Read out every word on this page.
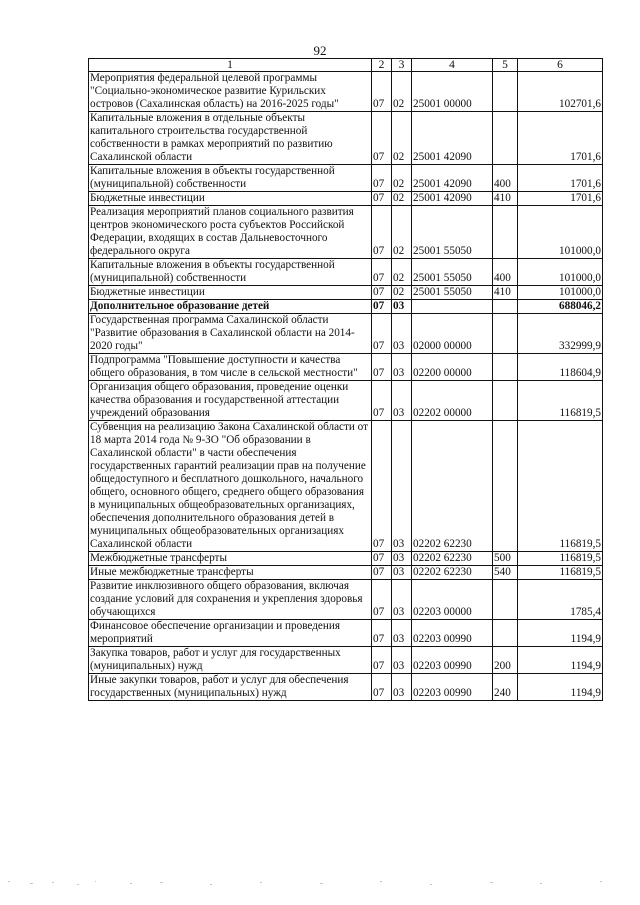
92
1	2	3	4	5	6
Мероприятия федеральной целевой программы "Социально-экономическое развитие Курильских островов (Сахалинская область) на 2016-2025 годы"	07	02	25001 00000		102701,6
Капитальные вложения в отдельные объекты капитального строительства государственной собственности в рамках мероприятий по развитию Сахалинской области	07	02	25001 42090		1701,6
Капитальные вложения в объекты государственной (муниципальной) собственности	07	02	25001 42090	400	1701,6
Бюджетные инвестиции	07	02	25001 42090	410	1701,6
Реализация мероприятий планов социального развития центров экономического роста субъектов Российской Федерации, входящих в состав Дальневосточного федерального округа	07	02	25001 55050		101000,0
Капитальные вложения в объекты государственной (муниципальной) собственности	07	02	25001 55050	400	101000,0
Бюджетные инвестиции	07	02	25001 55050	410	101000,0
Дополнительное образование детей	07	03			688046,2
Государственная программа Сахалинской области "Развитие образования в Сахалинской области на 2014-2020 годы"	07	03	02000 00000		332999,9
Подпрограмма "Повышение доступности и качества общего образования, в том числе в сельской местности"	07	03	02200 00000		118604,9
Организация общего образования, проведение оценки качества образования и государственной аттестации учреждений образования	07	03	02202 00000		116819,5
Субвенция на реализацию Закона Сахалинской области от 18 марта 2014 года № 9-ЗО "Об образовании в Сахалинской области" в части обеспечения государственных гарантий реализации прав на получение общедоступного и бесплатного дошкольного, начального общего, основного общего, среднего общего образования в муниципальных общеобразовательных организациях, обеспечения дополнительного образования детей в муниципальных общеобразовательных организациях Сахалинской области	07	03	02202 62230		116819,5
Межбюджетные трансферты	07	03	02202 62230	500	116819,5
Иные межбюджетные трансферты	07	03	02202 62230	540	116819,5
Развитие инклюзивного общего образования, включая создание условий для сохранения и укрепления здоровья обучающихся	07	03	02203 00000		1785,4
Финансовое обеспечение организации и проведения мероприятий	07	03	02203 00990		1194,9
Закупка товаров, работ и услуг для государственных (муниципальных) нужд	07	03	02203 00990	200	1194,9
Иные закупки товаров, работ и услуг для обеспечения государственных (муниципальных) нужд	07	03	02203 00990	240	1194,9
